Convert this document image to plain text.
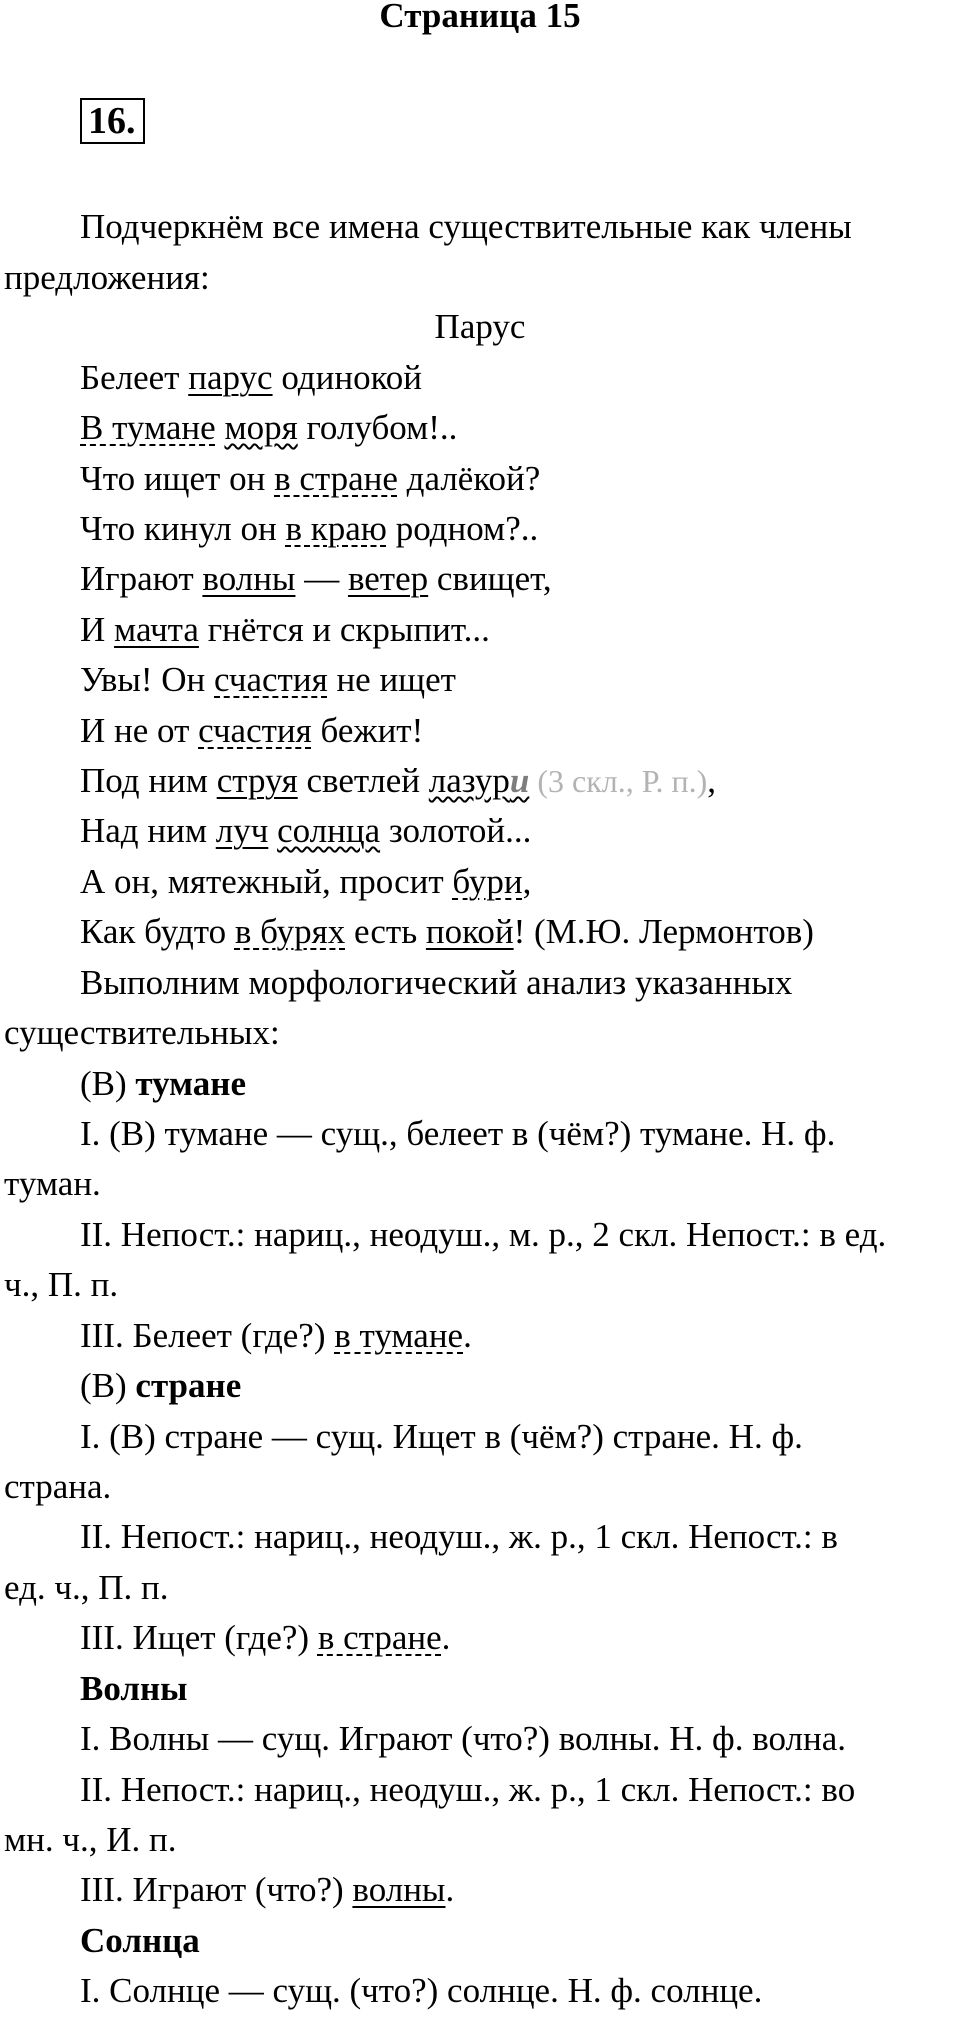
Страница 15
16.
Подчеркнём все имена существительные как члены
предложения:
Парус
Белеет парус одинокой
В тумане моря голубом!..
Что ищет он в стране далёкой?
Что кинул он в краю родном?..
Играют волны — ветер свищет,
И мачта гнётся и скрыпит...
Увы! Он счастия не ищет
И не от счастия бежит!
Под ним струя светлей лазури (3 скл., Р. п.),
Над ним луч солнца золотой...
А он, мятежный, просит бури,
Как будто в бурях есть покой! (М.Ю. Лермонтов)
Выполним морфологический анализ указанных
существительных:
(В) тумане
I. (В) тумане — сущ., белеет в (чём?) тумане. Н. ф.
туман.
II. Непост.: нариц., неодуш., м. р., 2 скл. Непост.: в ед.
ч., П. п.
III. Белеет (где?) в тумане.
(В) стране
I. (В) стране — сущ. Ищет в (чём?) стране. Н. ф.
страна.
II. Непост.: нариц., неодуш., ж. р., 1 скл. Непост.: в
ед. ч., П. п.
III. Ищет (где?) в стране.
Волны
I. Волны — сущ. Играют (что?) волны. Н. ф. волна.
II. Непост.: нариц., неодуш., ж. р., 1 скл. Непост.: во
мн. ч., И. п.
III. Играют (что?) волны.
Солнца
I. Солнце — сущ. (что?) солнце. Н. ф. солнце.
